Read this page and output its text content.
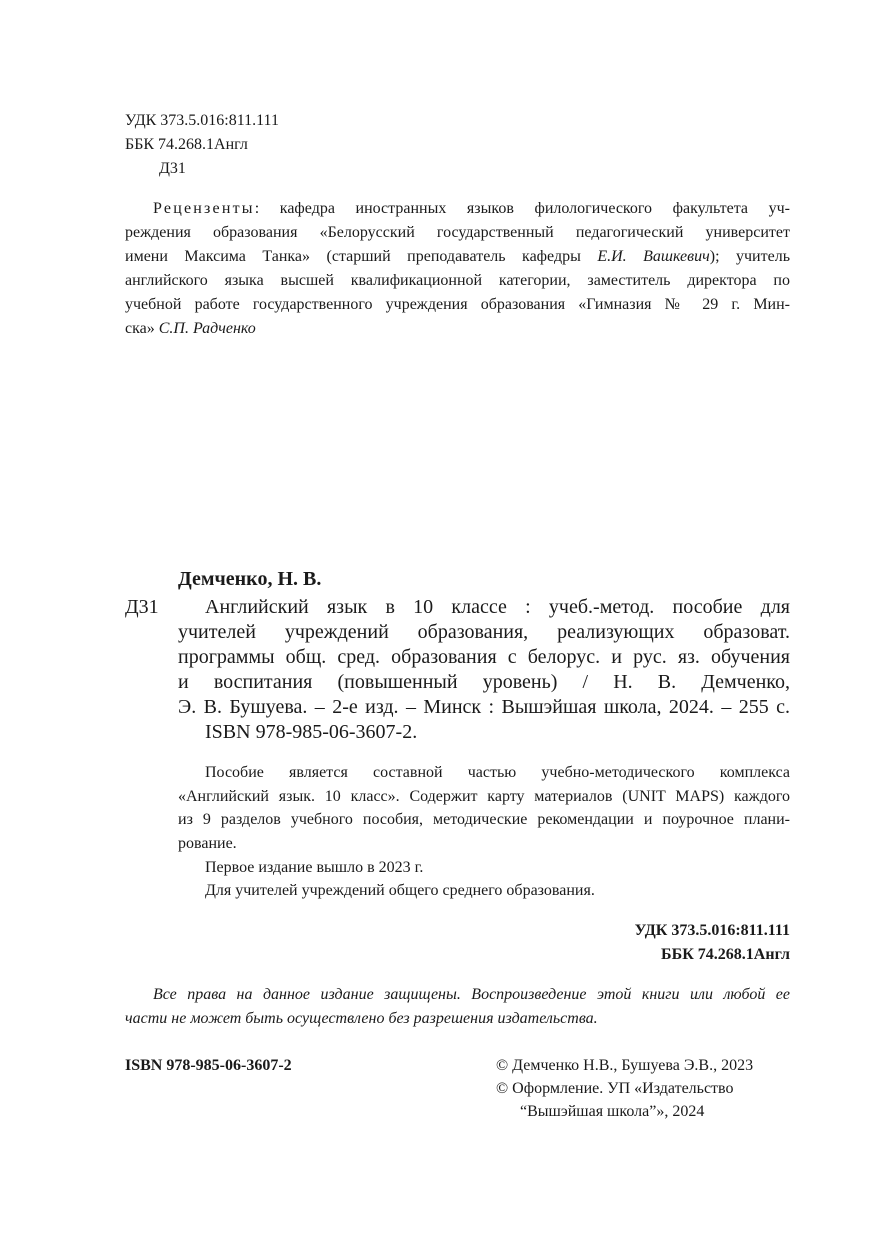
УДК 373.5.016:811.111
ББК 74.268.1Англ
Д31
Рецензенты: кафедра иностранных языков филологического факультета уч-
реждения образования «Белорусский государственный педагогический университет
имени Максима Танка» (старший преподаватель кафедры Е.И. Вашкевич); учитель
английского языка высшей квалификационной категории, заместитель директора по
учебной работе государственного учреждения образования «Гимназия № 29 г. Мин-
ска» С.П. Радченко
Демченко, Н. В.
Д31 Английский язык в 10 классе : учеб.-метод. пособие для
учителей учреждений образования, реализующих образоват.
программы общ. сред. образования с белорус. и рус. яз. обучения
и воспитания (повышенный уровень) / Н. В. Демченко,
Э. В. Бушуева. – 2-е изд. – Минск : Вышэйшая школа, 2024. – 255 с.
ISBN 978-985-06-3607-2.
Пособие является составной частью учебно-методического комплекса
«Английский язык. 10 класс». Содержит карту материалов (UNIT MAPS) каждого
из 9 разделов учебного пособия, методические рекомендации и поурочное плани-
рование.
Первое издание вышло в 2023 г.
Для учителей учреждений общего среднего образования.
УДК 373.5.016:811.111
ББК 74.268.1Англ
Все права на данное издание защищены. Воспроизведение этой книги или любой ее
части не может быть осуществлено без разрешения издательства.
ISBN 978-985-06-3607-2	© Демченко Н.В., Бушуева Э.В., 2023
© Оформление. УП «Издательство
“Вышэйшая школа”», 2024
